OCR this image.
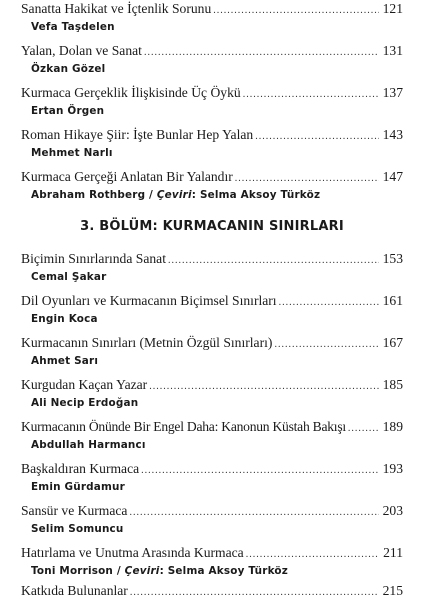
Sanatta Hakikat ve İçtenlik Sorunu .....	121
Vefa Taşdelen
Yalan, Dolan ve Sanat .....	131
Özkan Gözel
Kurmaca Gerçeklik İlişkisinde Üç Öykü .....	137
Ertan Örgen
Roman Hikaye Şiir: İşte Bunlar Hep Yalan .....	143
Mehmet Narlı
Kurmaca Gerçeği Anlatan Bir Yalandır .....	147
Abraham Rothberg / Çeviri: Selma Aksoy Türköz
3. BÖLÜM: KURMACANIN SINIRLARI
Biçimin Sınırlarında Sanat .....	153
Cemal Şakar
Dil Oyunları ve Kurmacanın Biçimsel Sınırları .....	161
Engin Koca
Kurmacanın Sınırları (Metnin Özgül Sınırları) .....	167
Ahmet Sarı
Kurgudan Kaçan Yazar .....	185
Ali Necip Erdoğan
Kurmacanın Önünde Bir Engel Daha: Kanonun Küstah Bakışı .....	189
Abdullah Harmancı
Başkaldıran Kurmaca .....	193
Emin Gürdamur
Sansür ve Kurmaca .....	203
Selim Somuncu
Hatırlama ve Unutma Arasında Kurmaca .....	211
Toni Morrison / Çeviri: Selma Aksoy Türköz
Katkıda Bulunanlar .....	215
